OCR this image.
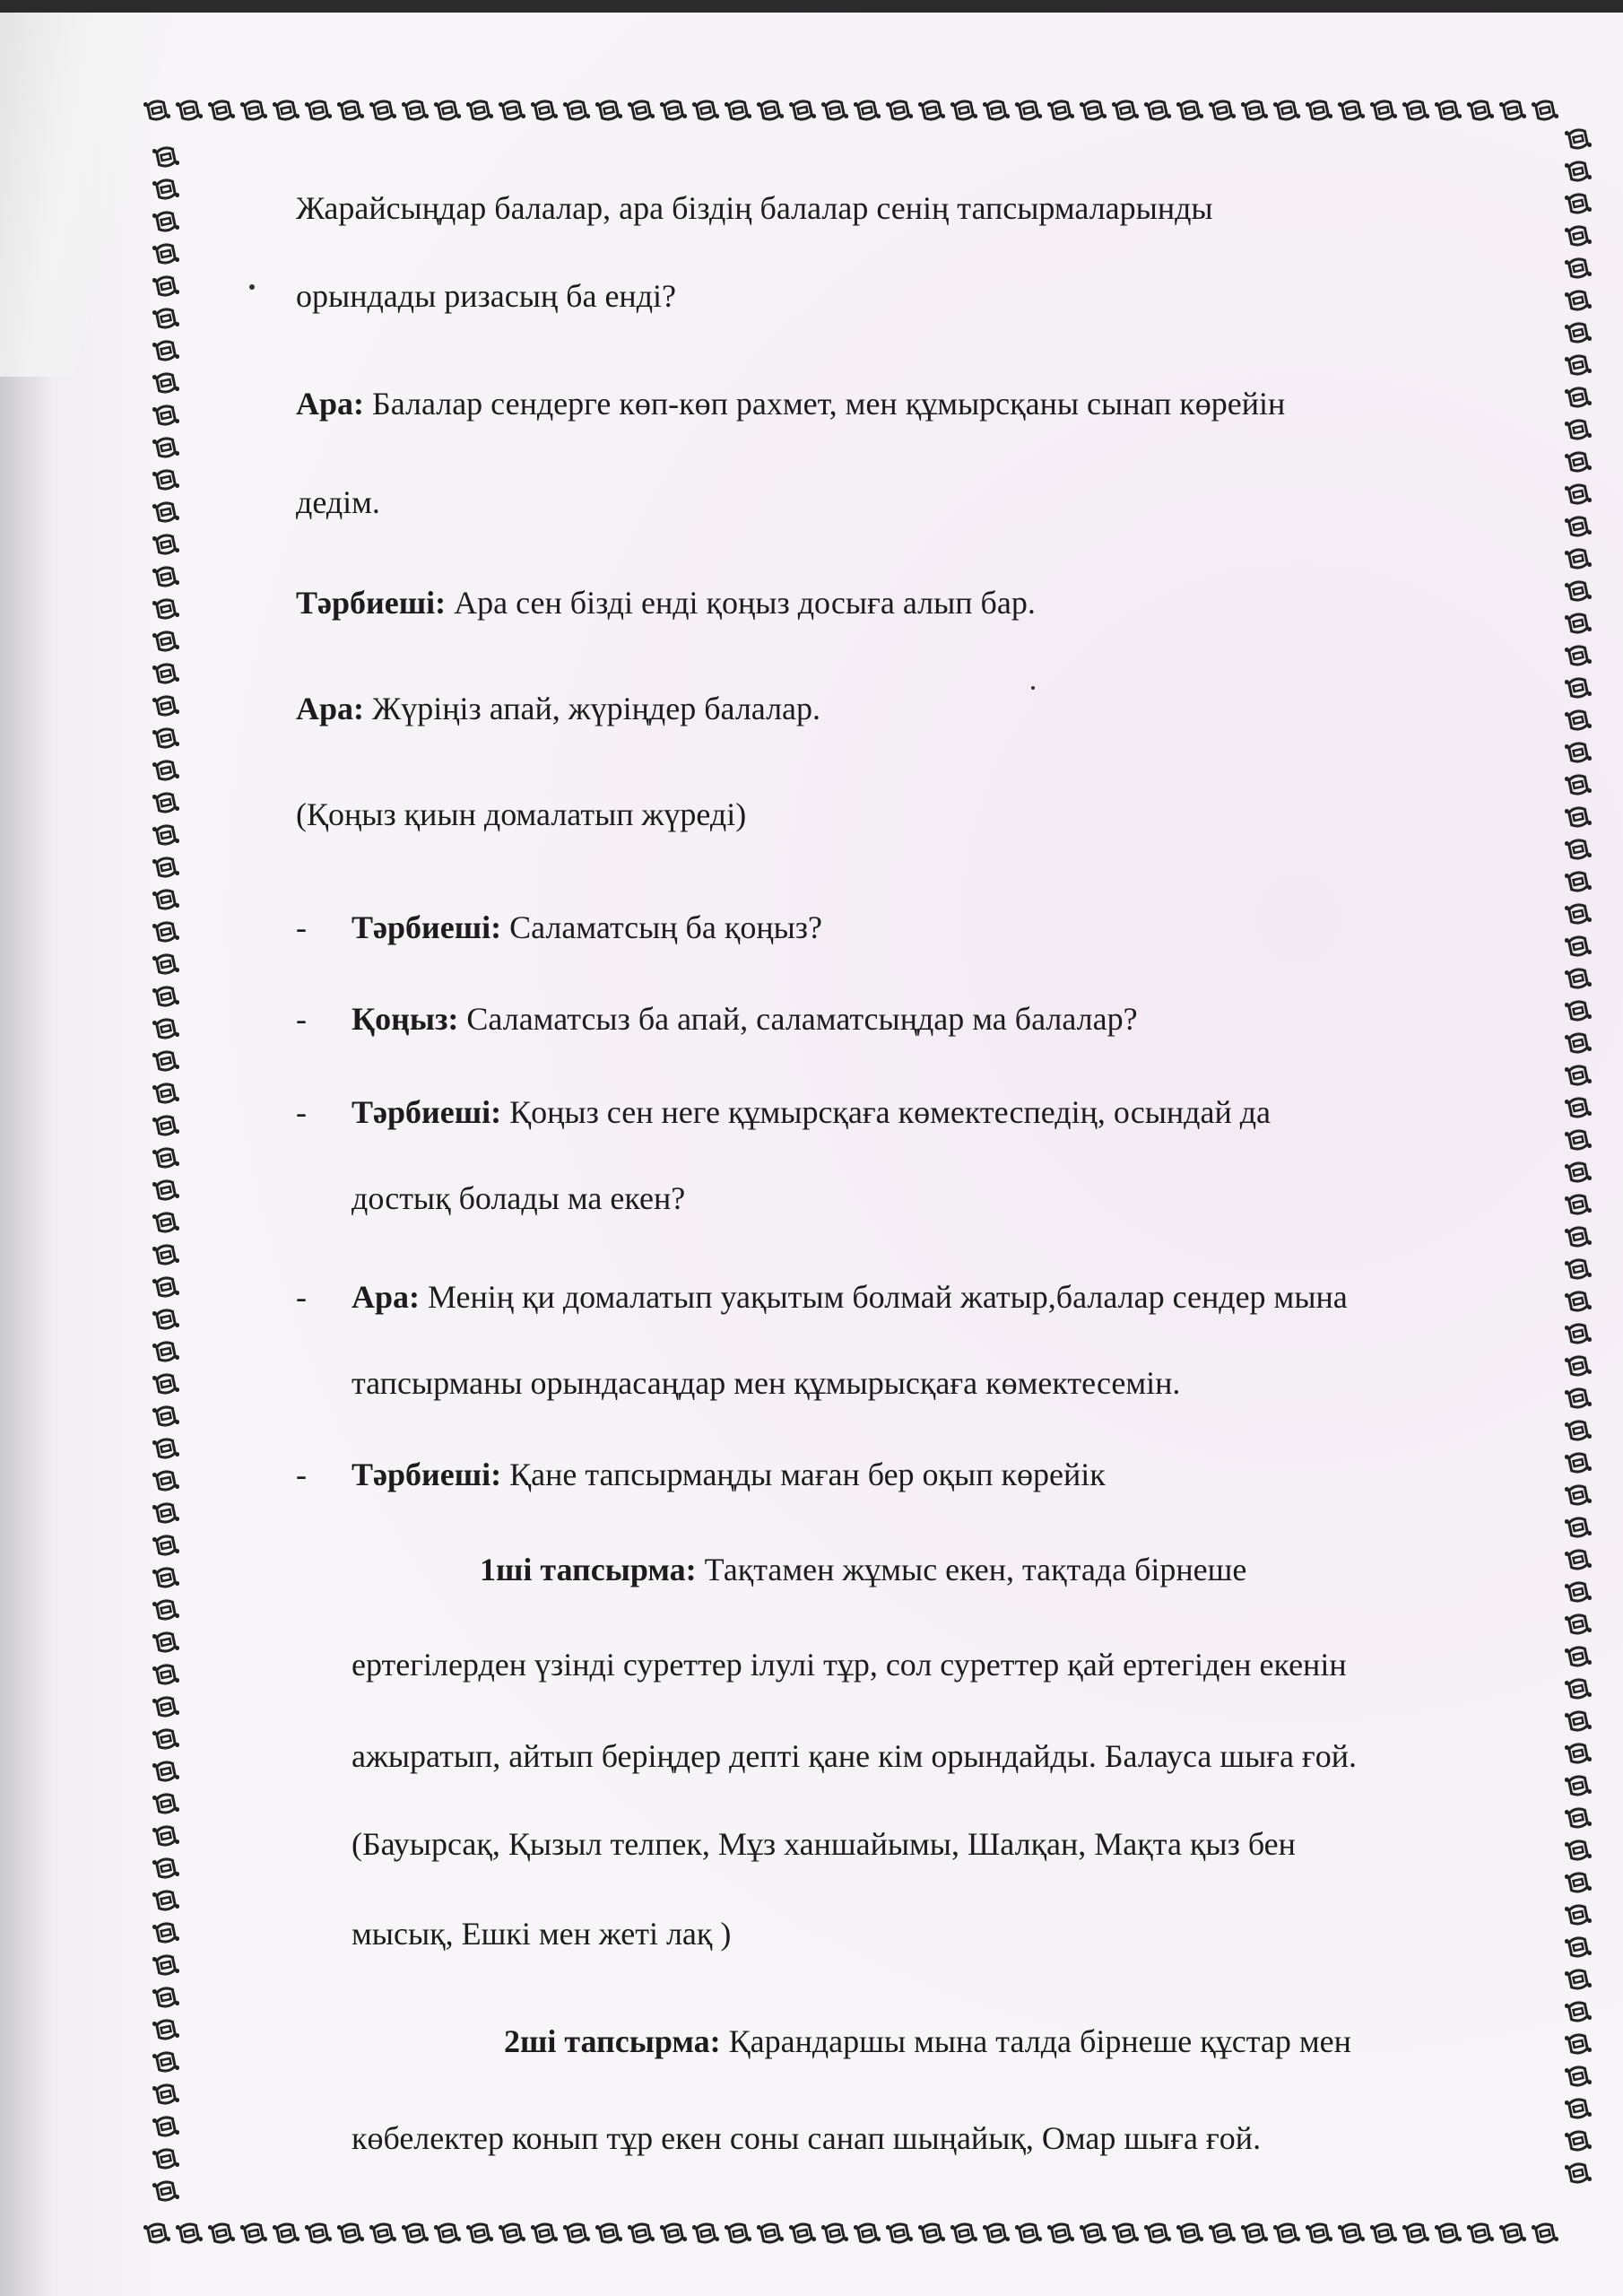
Жарайсыңдар балалар, ара біздің балалар сенің тапсырмаларынды
орындады ризасың ба енді?
Ара: Балалар сендерге көп-көп рахмет, мен құмырсқаны сынап көрейін
дедім.
Тәрбиеші: Ара сен бізді енді қоңыз досыға алып бар.
Ара: Жүріңіз апай, жүріңдер балалар.
(Қоңыз қиын домалатып жүреді)
- Тәрбиеші: Саламатсың ба қоңыз?
- Қоңыз: Саламатсыз ба апай, саламатсыңдар ма балалар?
- Тәрбиеші: Қоңыз сен неге құмырсқаға көмектеспедің, осындай да
достық болады ма екен?
- Ара: Менің қи домалатып уақытым болмай жатыр,балалар сендер мына
тапсырманы орындасаңдар мен құмырысқаға көмектесемін.
- Тәрбиеші: Қане тапсырмаңды маған бер оқып көрейік
1ші тапсырма: Тақтамен жұмыс екен, тақтада бірнеше
ертегілерден үзінді суреттер ілулі тұр, сол суреттер қай ертегіден екенін
ажыратып, айтып беріңдер депті қане кім орындайды. Балауса шыға ғой.
(Бауырсақ, Қызыл телпек, Мұз ханшайымы, Шалқан, Мақта қыз бен
мысық, Ешкі мен жеті лақ )
2ші тапсырма: Қарандаршы мына талда бірнеше құстар мен
көбелектер конып тұр екен соны санап шыңайық, Омар шыға ғой.
